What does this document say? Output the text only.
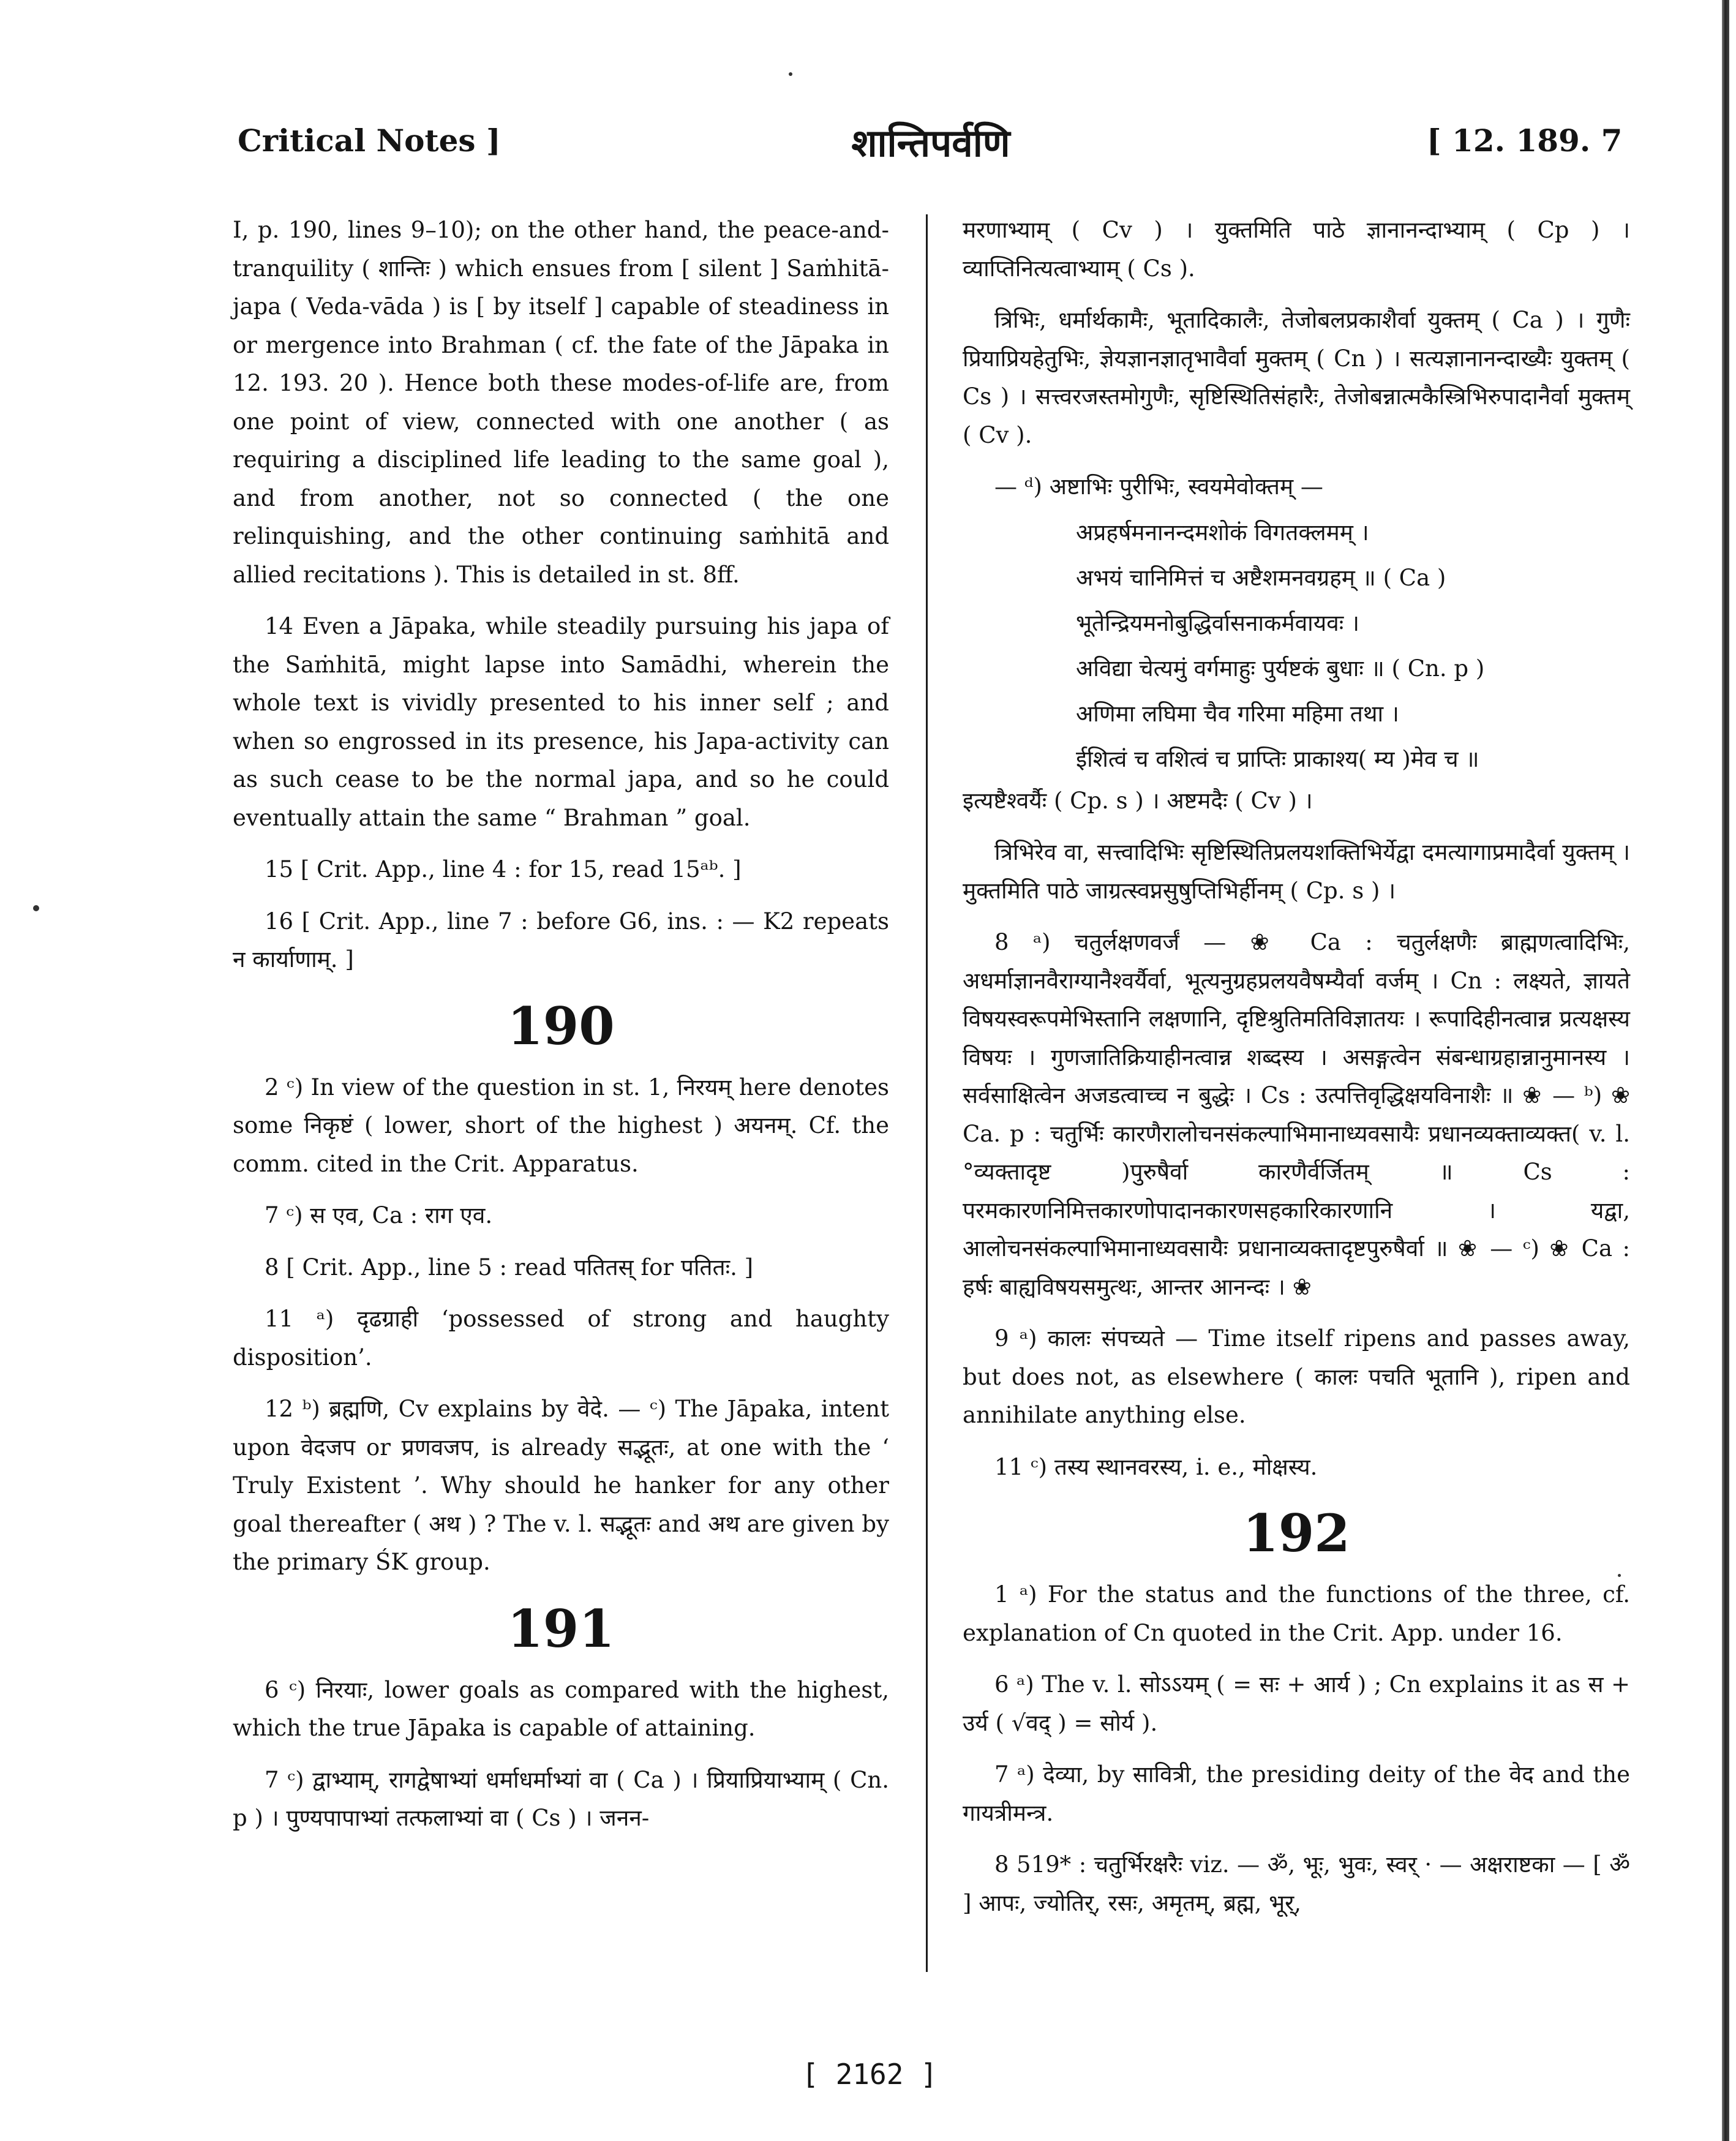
Critical Notes ]	शान्तिपर्वणि	[ 12. 189. 7

I, p. 190, lines 9–10); on the other hand, the peace-and-tranquility ( शान्तिः ) which ensues from [ silent ] Saṁhitā-japa ( Veda-vāda ) is [ by itself ] capable of steadiness in or mergence into Brahman ( cf. the fate of the Jāpaka in 12. 193. 20 ). Hence both these modes-of-life are, from one point of view, connected with one another ( as requiring a disciplined life leading to the same goal ), and from another, not so connected ( the one relinquishing, and the other continuing saṁhitā and allied recitations ). This is detailed in st. 8ff.

14 Even a Jāpaka, while steadily pursuing his japa of the Saṁhitā, might lapse into Samādhi, wherein the whole text is vividly presented to his inner self ; and when so engrossed in its presence, his Japa-activity can as such cease to be the normal japa, and so he could eventually attain the same “ Brahman ” goal.

15 [ Crit. App., line 4 : for 15, read 15ᵃᵇ. ]

16 [ Crit. App., line 7 : before G6, ins. : — K2 repeats न कार्याणाम्. ]

190

2 ᶜ) In view of the question in st. 1, निरयम् here denotes some निकृष्टं ( lower, short of the highest ) अयनम्. Cf. the comm. cited in the Crit. Apparatus.

7 ᶜ) स एव, Ca : राग एव.

8 [ Crit. App., line 5 : read पतितस् for पतितः. ]

11 ᵃ) दृढग्राही ‘possessed of strong and haughty disposition’.

12 ᵇ) ब्रह्मणि, Cv explains by वेदे. — ᶜ) The Jāpaka, intent upon वेदजप or प्रणवजप, is already सद्भूतः, at one with the ‘ Truly Existent ’. Why should he hanker for any other goal thereafter ( अथ ) ? The v. l. सद्भूतः and अथ are given by the primary ŚK group.

191

6 ᶜ) निरयाः, lower goals as compared with the highest, which the true Jāpaka is capable of attaining.

7 ᶜ) द्वाभ्याम्, रागद्वेषाभ्यां धर्माधर्माभ्यां वा ( Ca ) । प्रियाप्रियाभ्याम् ( Cn. p ) । पुण्यपापाभ्यां तत्फलाभ्यां वा ( Cs ) । जनन-

मरणाभ्याम् ( Cv ) । युक्तमिति पाठे ज्ञानानन्दाभ्याम् ( Cp ) । व्याप्तिनित्यत्वाभ्याम् ( Cs ).

त्रिभिः, धर्मार्थकामैः, भूतादिकालैः, तेजोबलप्रकाशैर्वा युक्तम् ( Ca ) । गुणैः प्रियाप्रियहेतुभिः, ज्ञेयज्ञानज्ञातृभावैर्वा मुक्तम् ( Cn ) । सत्यज्ञानानन्दाख्यैः युक्तम् ( Cs ) । सत्त्वरजस्तमोगुणैः, सृष्टिस्थितिसंहारैः, तेजोबन्नात्मकैस्त्रिभिरुपादानैर्वा मुक्तम् ( Cv ).

— ᵈ) अष्टाभिः पुरीभिः, स्वयमेवोक्तम् —

अप्रहर्षमनानन्दमशोकं विगतक्लमम् ।

अभयं चानिमित्तं च अष्टैशमनवग्रहम् ॥ ( Ca )

भूतेन्द्रियमनोबुद्धिर्वासनाकर्मवायवः ।

अविद्या चेत्यमुं वर्गमाहुः पुर्यष्टकं बुधाः ॥ ( Cn. p )

अणिमा लघिमा चैव गरिमा महिमा तथा ।

ईशित्वं च वशित्वं च प्राप्तिः प्राकाश्य( म्य )मेव च ॥

इत्यष्टैश्वर्यैः ( Cp. s ) । अष्टमदैः ( Cv ) ।

त्रिभिरेव वा, सत्त्वादिभिः सृष्टिस्थितिप्रलयशक्तिभिर्येद्वा दमत्यागाप्रमादैर्वा युक्तम् । मुक्तमिति पाठे जाग्रत्स्वप्नसुषुप्तिभिर्हीनम् ( Cp. s ) ।

8 ᵃ) चतुर्लक्षणवर्जं — ❀ Ca : चतुर्लक्षणैः ब्राह्मणत्वादिभिः, अधर्माज्ञानवैराग्यानैश्वर्यैर्वा, भूत्यनुग्रहप्रलयवैषम्यैर्वा वर्जम् । Cn : लक्ष्यते, ज्ञायते विषयस्वरूपमेभिस्तानि लक्षणानि, दृष्टिश्रुतिमतिविज्ञातयः । रूपादिहीनत्वान्न प्रत्यक्षस्य विषयः । गुणजातिक्रियाहीनत्वान्न शब्दस्य । असङ्गत्वेन संबन्धाग्रहान्नानुमानस्य । सर्वसाक्षित्वेन अजडत्वाच्च न बुद्धेः । Cs : उत्पत्तिवृद्धिक्षयविनाशैः ॥ ❀ — ᵇ) ❀ Ca. p : चतुर्भिः कारणैरालोचनसंकल्पाभिमानाध्यवसायैः प्रधानव्यक्ताव्यक्त( v. l. °व्यक्तादृष्ट )पुरुषैर्वा कारणैर्वर्जितम् ॥ Cs : परमकारणनिमित्तकारणोपादानकारणसहकारिकारणानि । यद्वा, आलोचनसंकल्पाभिमानाध्यवसायैः प्रधानाव्यक्तादृष्टपुरुषैर्वा ॥ ❀ — ᶜ) ❀ Ca : हर्षः बाह्यविषयसमुत्थः, आन्तर आनन्दः । ❀

9 ᵃ) कालः संपच्यते — Time itself ripens and passes away, but does not, as elsewhere ( कालः पचति भूतानि ), ripen and annihilate anything else.

11 ᶜ) तस्य स्थानवरस्य, i. e., मोक्षस्य.

192

1 ᵃ) For the status and the functions of the three, cf. explanation of Cn quoted in the Crit. App. under 16.

6 ᵃ) The v. l. सोऽऽयम् ( = सः + आर्य ) ; Cn explains it as स + उर्य ( √वद् ) = सोर्य ).

7 ᵃ) देव्या, by सावित्री, the presiding deity of the वेद and the गायत्रीमन्त्र.

8 519* : चतुर्भिरक्षरैः viz. — ॐ, भूः, भुवः, स्वर् · — अक्षराष्टका — [ ॐ ] आपः, ज्योतिर्, रसः, अमृतम्, ब्रह्म, भूर्,

[ 2162 ]
